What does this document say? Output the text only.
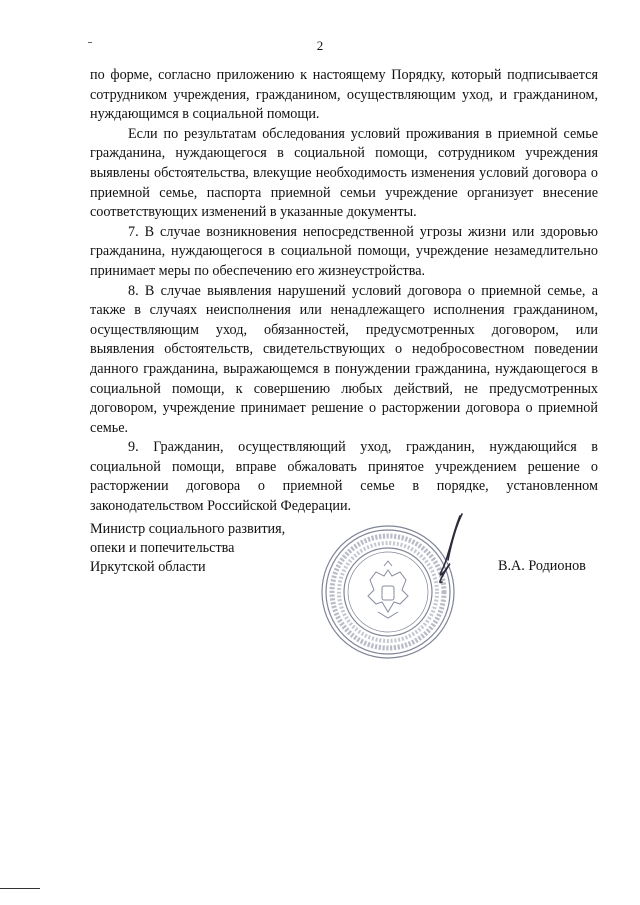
2

по форме, согласно приложению к настоящему Порядку, который подписывается сотрудником учреждения, гражданином, осуществляющим уход, и гражданином, нуждающимся в социальной помощи.

Если по результатам обследования условий проживания в приемной семье гражданина, нуждающегося в социальной помощи, сотрудником учреждения выявлены обстоятельства, влекущие необходимость изменения условий договора о приемной семье, паспорта приемной семьи учреждение организует внесение соответствующих изменений в указанные документы.

7. В случае возникновения непосредственной угрозы жизни или здоровью гражданина, нуждающегося в социальной помощи, учреждение незамедлительно принимает меры по обеспечению его жизнеустройства.

8. В случае выявления нарушений условий договора о приемной семье, а также в случаях неисполнения или ненадлежащего исполнения гражданином, осуществляющим уход, обязанностей, предусмотренных договором, или выявления обстоятельств, свидетельствующих о недобросовестном поведении данного гражданина, выражающемся в понуждении гражданина, нуждающегося в социальной помощи, к совершению любых действий, не предусмотренных договором, учреждение принимает решение о расторжении договора о приемной семье.

9. Гражданин, осуществляющий уход, гражданин, нуждающийся в социальной помощи, вправе обжаловать принятое учреждением решение о расторжении договора о приемной семье в порядке, установленном законодательством Российской Федерации.

Министр социального развития,
опеки и попечительства
Иркутской области	В.А. Родионов
